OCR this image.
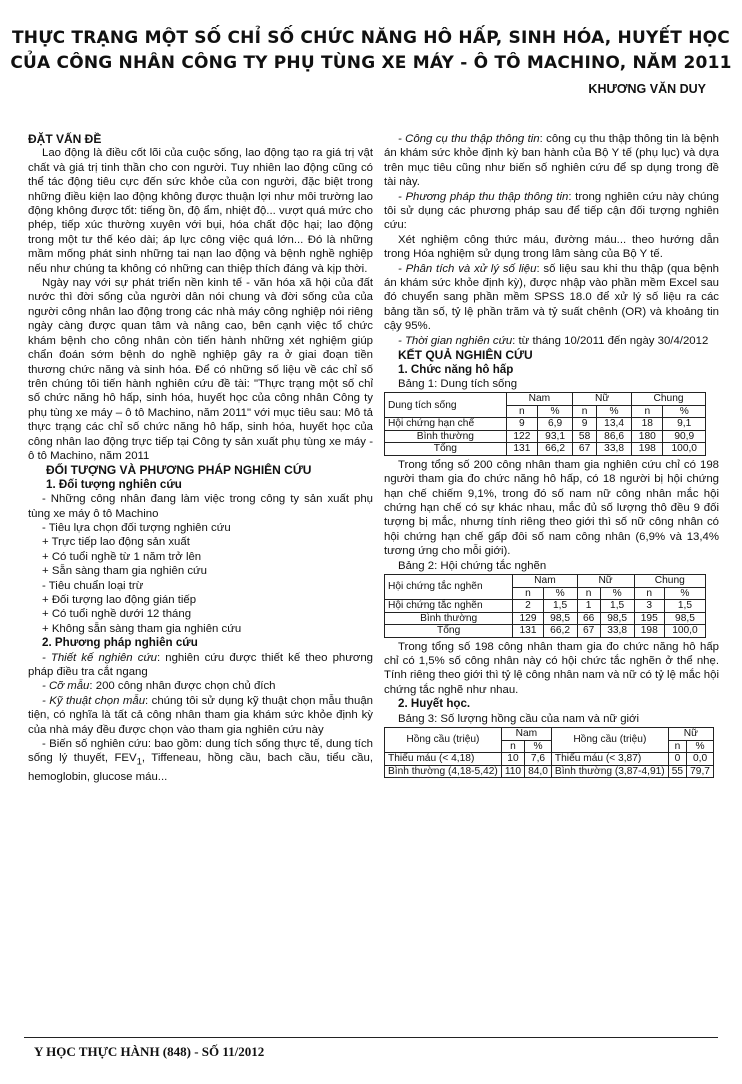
THỰC TRẠNG MỘT SỐ CHỈ SỐ CHỨC NĂNG HÔ HẤP, SINH HÓA, HUYẾT HỌC
CỦA CÔNG NHÂN CÔNG TY PHỤ TÙNG XE MÁY - Ô TÔ MACHINO, NĂM 2011
KHƯƠNG VĂN DUY

ĐẶT VẤN ĐỀ

Lao động là điều cốt lõi của cuộc sống, lao động tạo ra giá trị vật chất và giá trị tinh thần cho con người. Tuy nhiên lao động cũng có thể tác động tiêu cực đến sức khỏe của con người, đặc biệt trong những điều kiện lao động không được thuận lợi như môi trường lao động không được tốt: tiếng ồn, độ ẩm, nhiệt độ... vượt quá mức cho phép, tiếp xúc thường xuyên với bụi, hóa chất độc hại; lao động trong một tư thế kéo dài; áp lực công việc quá lớn... Đó là những mầm mống phát sinh những tai nạn lao động và bệnh nghề nghiệp nếu như chúng ta không có những can thiệp thích đáng và kịp thời.

Ngày nay với sự phát triển nền kinh tế - văn hóa xã hội của đất nước thì đời sống của người dân nói chung và đời sống của của người công nhân lao động trong các nhà máy công nghiệp nói riêng ngày càng được quan tâm và nâng cao, bên cạnh việc tổ chức khám bệnh cho công nhân còn tiến hành những xét nghiệm giúp chẩn đoán sớm bệnh do nghề nghiệp gây ra ở giai đoạn tiền thương chức năng và sinh hóa. Để có những số liệu về các chỉ số trên chúng tôi tiến hành nghiên cứu đề tài: "Thực trạng một số chỉ số chức năng hô hấp, sinh hóa, huyết học của công nhân Công ty phụ tùng xe máy – ô tô Machino, năm 2011" với mục tiêu sau: Mô tả thực trạng các chỉ số chức năng hô hấp, sinh hóa, huyết học của công nhân lao động trực tiếp tại Công ty sản xuất phụ tùng xe máy - ô tô Machino, năm 2011

ĐỐI TƯỢNG VÀ PHƯƠNG PHÁP NGHIÊN CỨU

1. Đối tượng nghiên cứu

- Những công nhân đang làm việc trong công ty sản xuất phụ tùng xe máy ô tô Machino

- Tiêu lựa chọn đối tượng nghiên cứu

+ Trực tiếp lao động sản xuất

+ Có tuổi nghề từ 1 năm trở lên

+ Sẵn sàng tham gia nghiên cứu

- Tiêu chuẩn loại trừ

+ Đối tượng lao động gián tiếp

+ Có tuổi nghề dưới 12 tháng

+ Không sẵn sàng tham gia nghiên cứu

2. Phương pháp nghiên cứu

- Thiết kế nghiên cứu: nghiên cứu được thiết kế theo phương pháp điều tra cắt ngang

- Cỡ mẫu: 200 công nhân được chọn chủ đích

- Kỹ thuật chọn mẫu: chúng tôi sử dụng kỹ thuật chọn mẫu thuận tiện, có nghĩa là tất cả công nhân tham gia khám sức khỏe định kỳ của nhà máy đều được chọn vào tham gia nghiên cứu này

- Biến số nghiên cứu: bao gồm: dung tích sống thực tế, dung tích sống lý thuyết, $FEV_1$, Tiffeneau, hồng cầu, bach cầu, tiểu cầu, hemoglobin, glucose máu...

- Công cụ thu thập thông tin: công cụ thu thập thông tin là bệnh án khám sức khỏe định kỳ ban hành của Bộ Y tế (phụ lục) và dựa trên mục tiêu cũng như biến số nghiên cứu để sp dụng trong đề tài này.

- Phương pháp thu thập thông tin: trong nghiên cứu này chúng tôi sử dụng các phương pháp sau để tiếp cận đối tượng nghiên cứu:

Xét nghiệm công thức máu, đường máu... theo hướng dẫn trong Hóa nghiệm sử dụng trong lâm sàng của Bộ Y tế.

- Phân tích và xử lý số liệu: số liệu sau khi thu thập (qua bệnh án khám sức khỏe định kỳ), được nhập vào phần mềm Excel sau đó chuyển sang phần mềm SPSS 18.0 để xử lý số liệu ra các bảng tần số, tỷ lệ phần trăm và tỷ suất chênh (OR) và khoảng tin cậy 95%.

- Thời gian nghiên cứu: từ tháng 10/2011 đến ngày 30/4/2012

KẾT QUẢ NGHIÊN CỨU

1. Chức năng hô hấp

Bảng 1: Dung tích sống

Dung tích sống	Nam		Nữ		Chung	
	n	%	n	%	n	%
Hội chứng hạn chế	9	6,9	9	13,4	18	9,1
Bình thường	122	93,1	58	86,6	180	90,9
Tổng	131	66,2	67	33,8	198	100,0

Trong tổng số 200 công nhân tham gia nghiên cứu chỉ có 198 người tham gia đo chức năng hô hấp, có 18 người bị hội chứng hạn chế chiếm 9,1%, trong đó số nam nữ công nhân mắc hội chứng hạn chế có sự khác nhau, mắc đủ số lượng thô đều 9 đối tượng bị mắc, nhưng tính riêng theo giới thì số nữ công nhân có hội chứng hạn chế gấp đôi số nam công nhân (6,9% và 13,4% tương ứng cho mỗi giới).

Bảng 2: Hội chứng tắc nghẽn

Hội chứng tắc nghẽn	Nam		Nữ		Chung	
	n	%	n	%	n	%
Hội chứng tắc nghẽn	2	1,5	1	1,5	3	1,5
Bình thường	129	98,5	66	98,5	195	98,5
Tổng	131	66,2	67	33,8	198	100,0

Trong tổng số 198 công nhân tham gia đo chức năng hô hấp chỉ có 1,5% số công nhân này có hội chức tắc nghẽn ở thể nhẹ. Tính riêng theo giới thì tỷ lệ công nhân nam và nữ có tỷ lệ mắc hội chứng tắc nghẽ như nhau.

2. Huyết học.

Bảng 3: Số lượng hồng cầu của nam và nữ giới

Hồng cầu (triệu)	Nam		Hồng cầu (triệu)	Nữ	
	n	%		n	%
Thiếu máu (< 4,18)	10	7,6	Thiếu máu (< 3,87)	0	0,0
Bình thường (4,18-5,42)	110	84,0	Bình thường (3,87-4,91)	55	79,7
Y HỌC THỰC HÀNH (848) - SỐ 11/2012
